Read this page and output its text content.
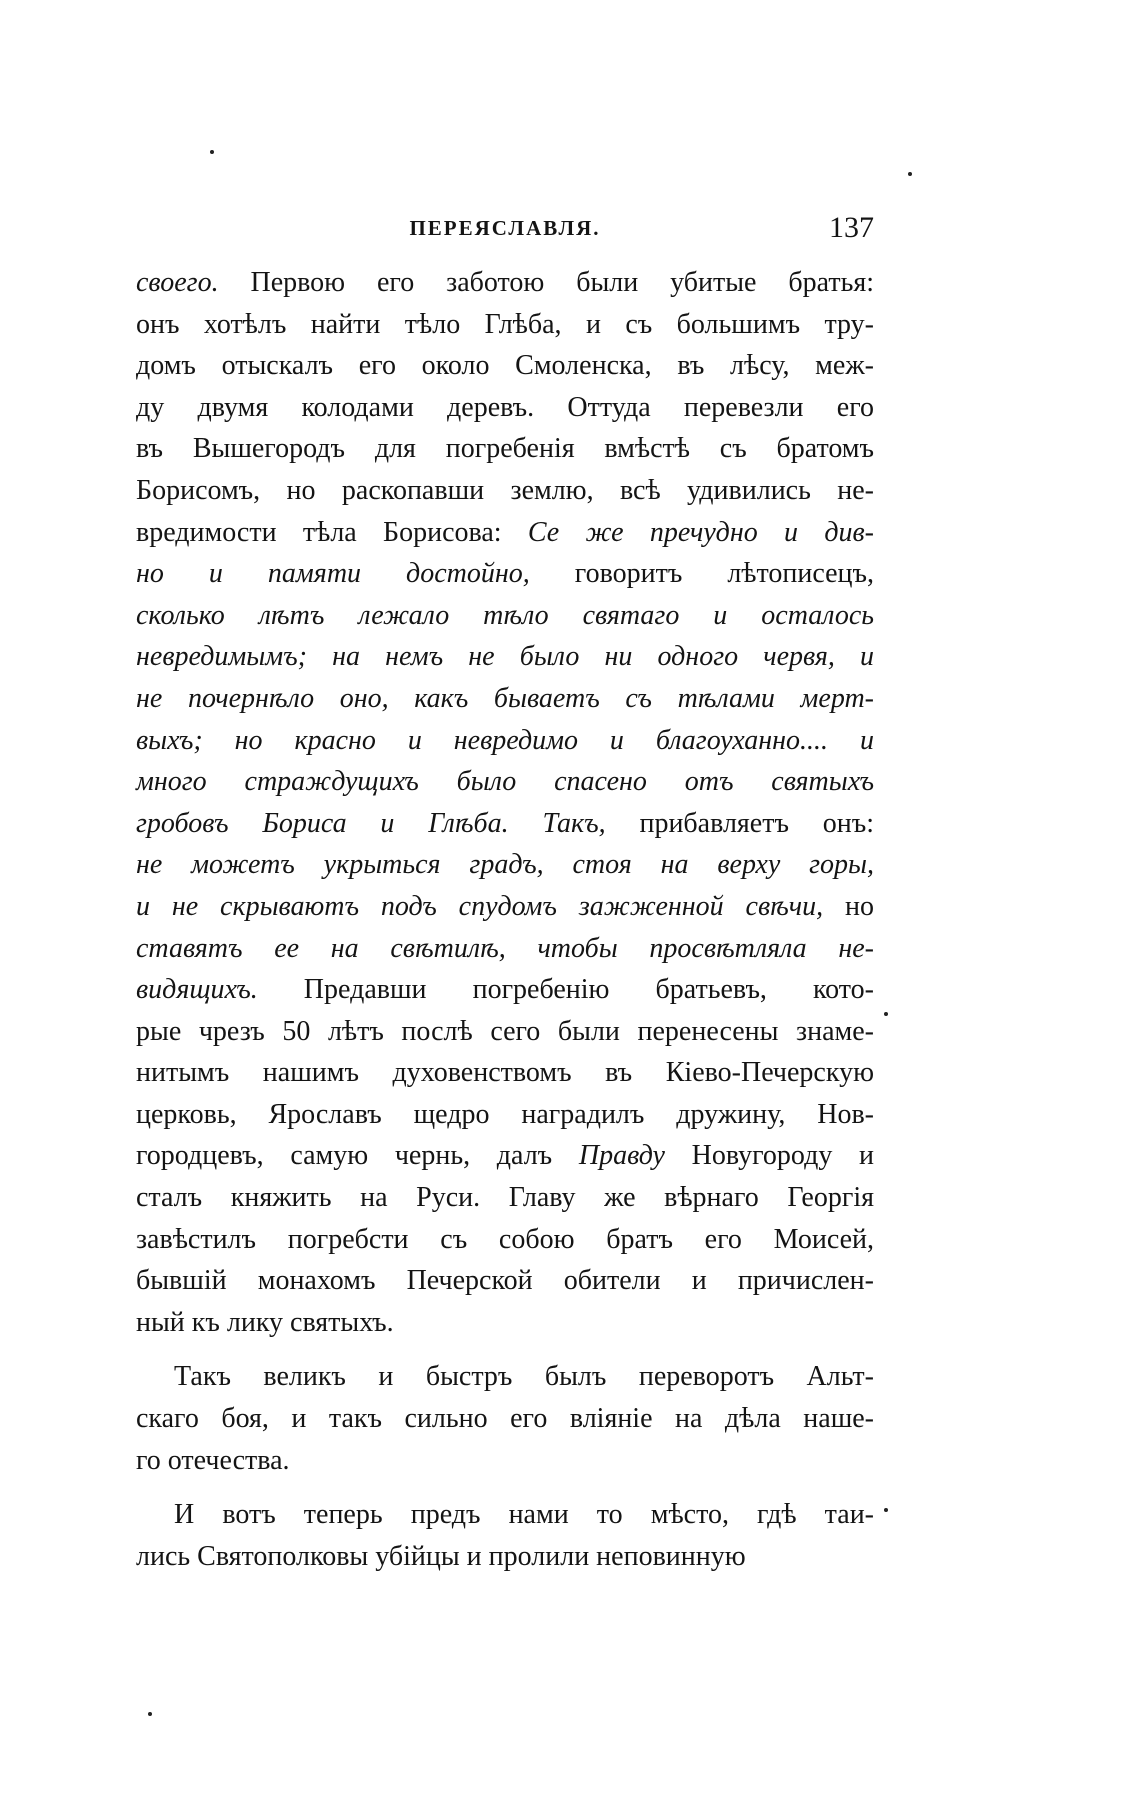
ПЕРЕЯСЛАВЛЯ.	137
своего. Первою его заботою были убитые братья:
онъ хотѣлъ найти тѣло Глѣба, и съ большимъ тру-
домъ отыскалъ его около Смоленска, въ лѣсу, меж-
ду двумя колодами деревъ. Оттуда перевезли его
въ Вышегородъ для погребенія вмѣстѣ съ братомъ
Борисомъ, но раскопавши землю, всѣ удивились не-
вредимости тѣла Борисова: Се же пречудно и див-
но и памяти достойно, говоритъ лѣтописецъ,
сколько лѣтъ лежало тѣло святаго и осталось
невредимымъ; на немъ не было ни одного червя, и
не почернѣло оно, какъ бываетъ съ тѣлами мерт-
выхъ; но красно и невредимо и благоуханно.... и
много страждущихъ было спасено отъ святыхъ
гробовъ Бориса и Глѣба. Такъ, прибавляетъ онъ:
не можетъ укрыться градъ, стоя на верху горы,
и не скрываютъ подъ спудомъ зажженной свѣчи, но
ставятъ ее на свѣтилѣ, чтобы просвѣтляла не-
видящихъ. Предавши погребенію братьевъ, кото-
рые чрезъ 50 лѣтъ послѣ сего были перенесены знаме-
нитымъ нашимъ духовенствомъ въ Кіево-Печерскую
церковь, Ярославъ щедро наградилъ дружину, Нов-
городцевъ, самую чернь, далъ Правду Новугороду и
сталъ княжить на Руси. Главу же вѣрнаго Георгія
завѣстилъ погребсти съ собою братъ его Моисей,
бывшій монахомъ Печерской обители и причислен-
ный къ лику святыхъ.
Такъ великъ и быстръ былъ переворотъ Альт-
скаго боя, и такъ сильно его вліяніе на дѣла наше-
го отечества.
И вотъ теперь предъ нами то мѣсто, гдѣ таи-
лись Святополковы убійцы и пролили неповинную
